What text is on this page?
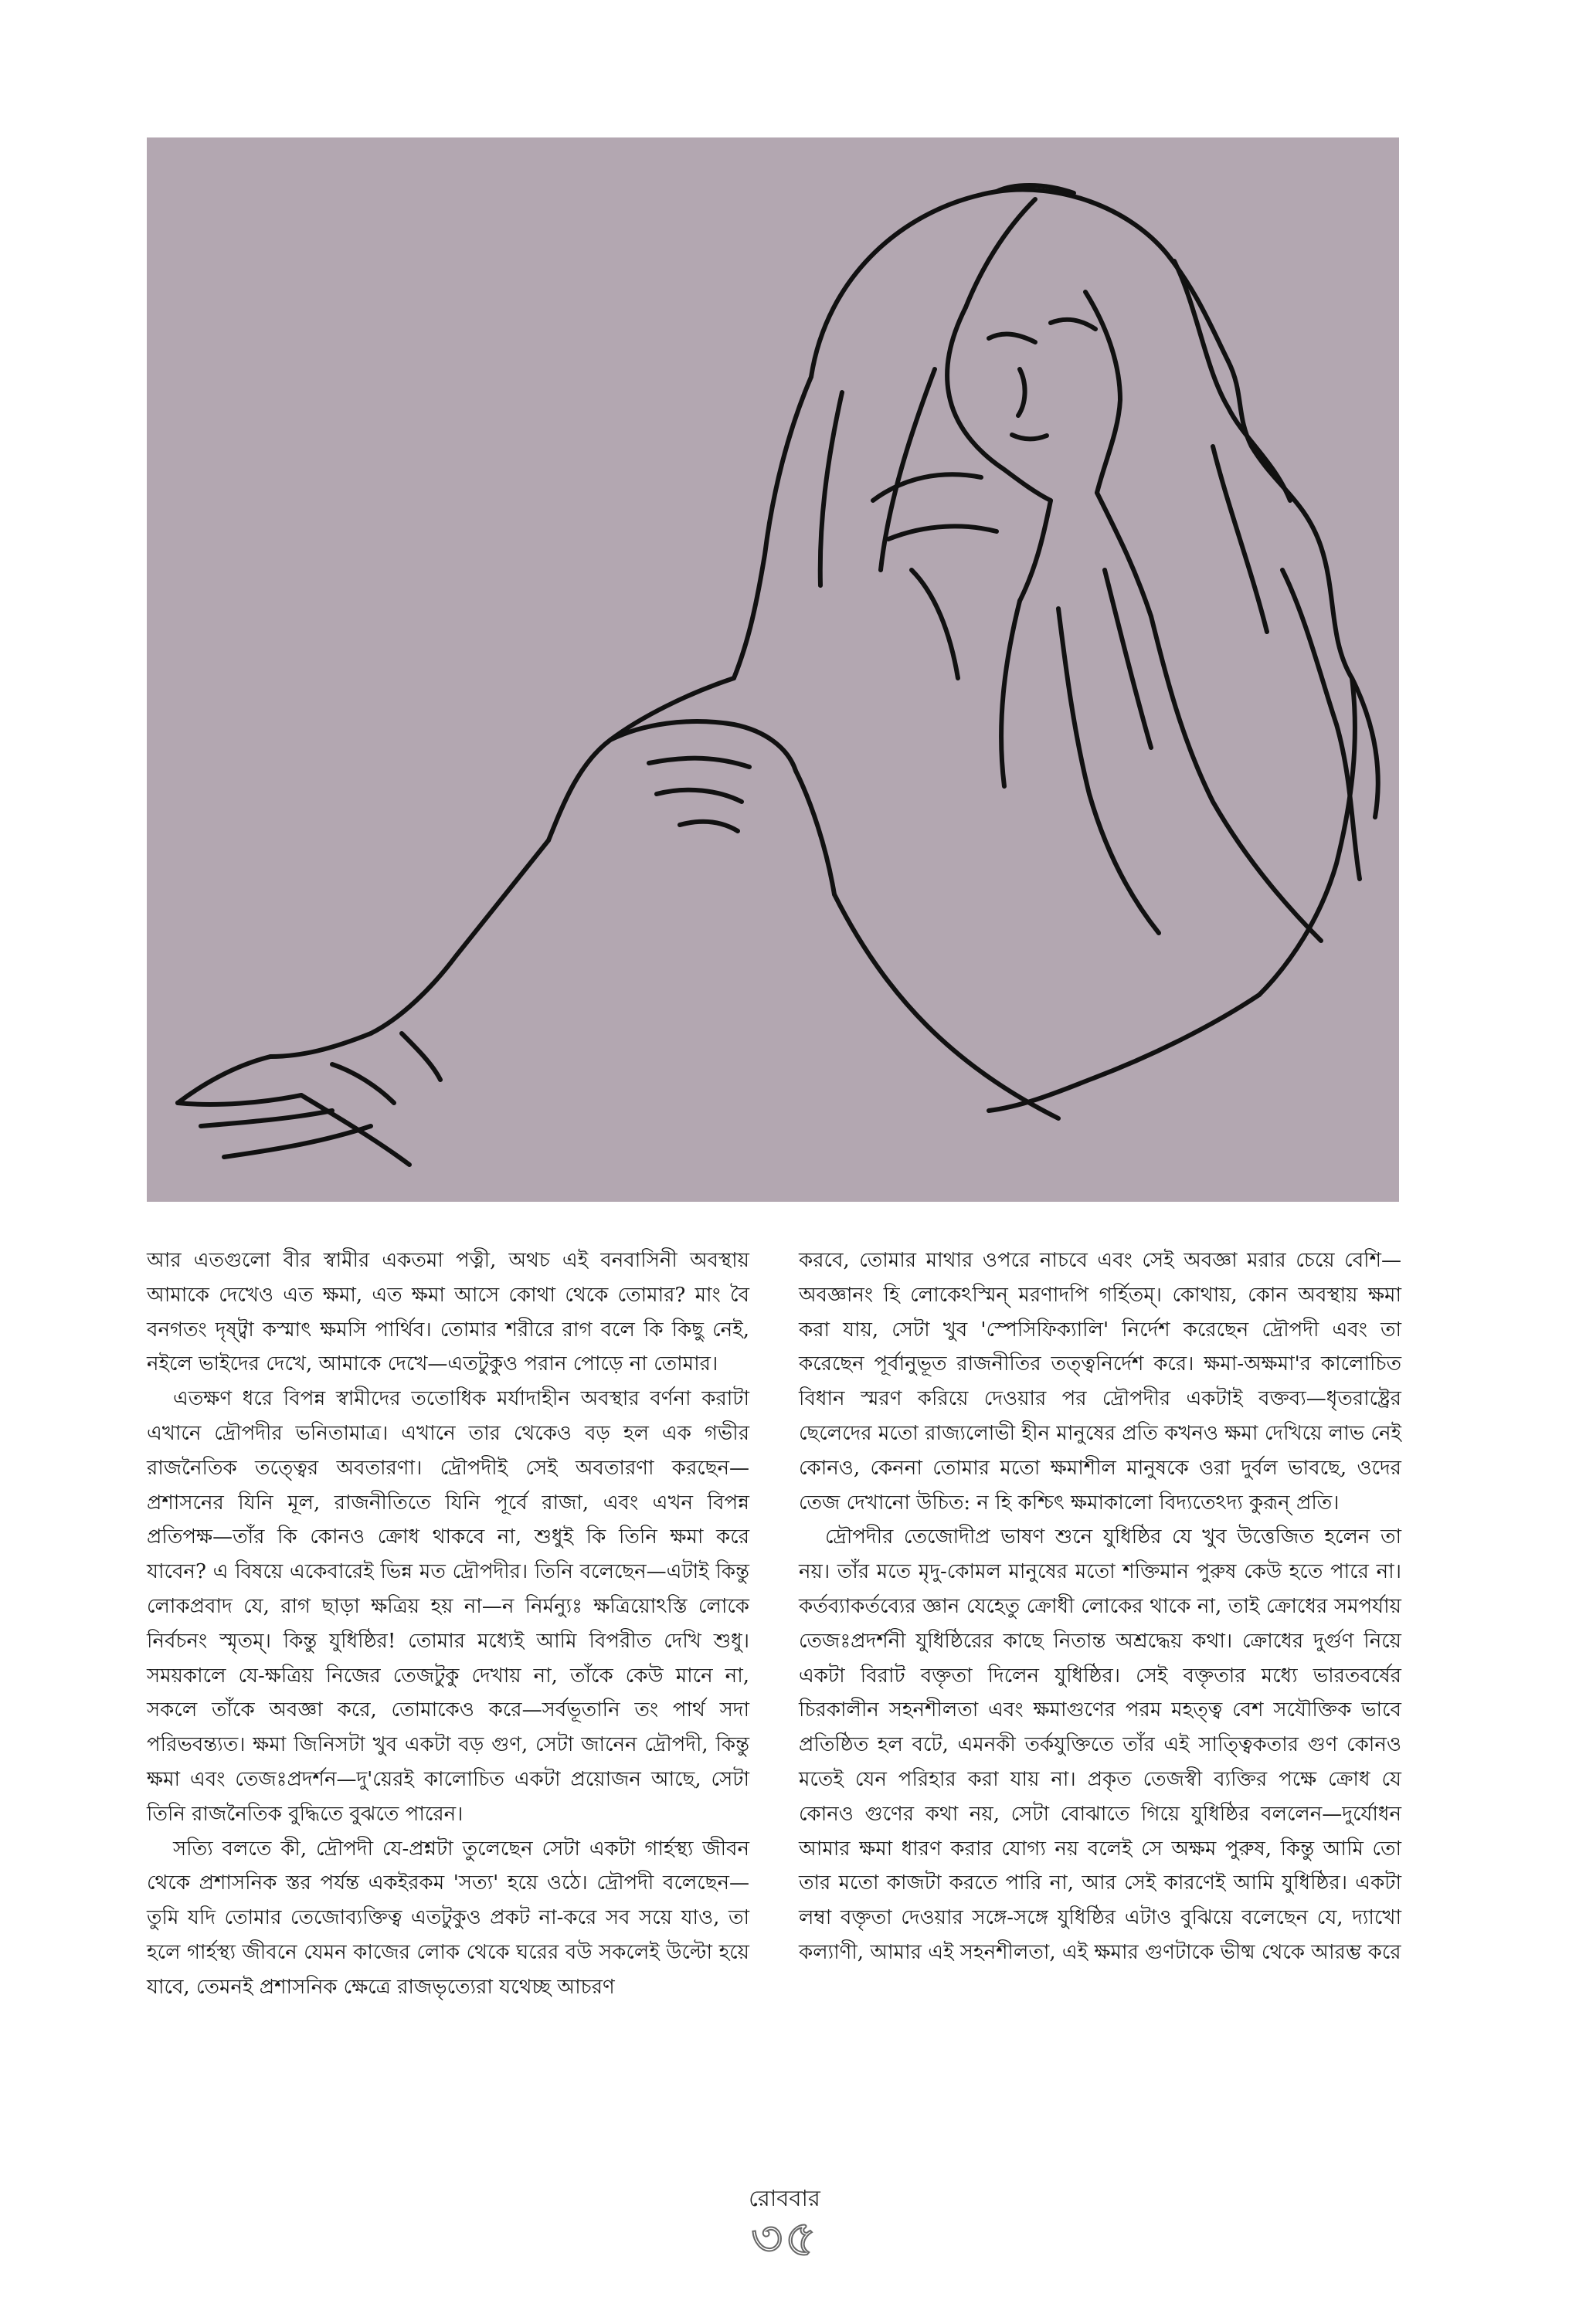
আর এতগুলো বীর স্বামীর একতমা পত্নী, অথচ এই বনবাসিনী অবস্থায় আমাকে দেখেও এত ক্ষমা, এত ক্ষমা আসে কোথা থেকে তোমার? মাং বৈ বনগতং দৃষ্ট্বা কস্মাৎ ক্ষমসি পার্থিব। তোমার শরীরে রাগ বলে কি কিছু নেই, নইলে ভাইদের দেখে, আমাকে দেখে—এতটুকুও পরান পোড়ে না তোমার।

এতক্ষণ ধরে বিপন্ন স্বামীদের ততোধিক মর্যাদাহীন অবস্থার বর্ণনা করাটা এখানে দ্রৌপদীর ভনিতামাত্র। এখানে তার থেকেও বড় হল এক গভীর রাজনৈতিক তত্ত্বের অবতারণা। দ্রৌপদীই সেই অবতারণা করছেন—প্রশাসনের যিনি মূল, রাজনীতিতে যিনি পূর্বে রাজা, এবং এখন বিপন্ন প্রতিপক্ষ—তাঁর কি কোনও ক্রোধ থাকবে না, শুধুই কি তিনি ক্ষমা করে যাবেন? এ বিষয়ে একেবারেই ভিন্ন মত দ্রৌপদীর। তিনি বলেছেন—এটাই কিন্তু লোকপ্রবাদ যে, রাগ ছাড়া ক্ষত্রিয় হয় না—ন নির্মন্যুঃ ক্ষত্রিয়োঽস্তি লোকে নির্বচনং স্মৃতম্। কিন্তু যুধিষ্ঠির! তোমার মধ্যেই আমি বিপরীত দেখি শুধু। সময়কালে যে-ক্ষত্রিয় নিজের তেজটুকু দেখায় না, তাঁকে কেউ মানে না, সকলে তাঁকে অবজ্ঞা করে, তোমাকেও করে—সর্বভূতানি তং পার্থ সদা পরিভবন্ত্যত। ক্ষমা জিনিসটা খুব একটা বড় গুণ, সেটা জানেন দ্রৌপদী, কিন্তু ক্ষমা এবং তেজঃপ্রদর্শন—দু'য়েরই কালোচিত একটা প্রয়োজন আছে, সেটা তিনি রাজনৈতিক বুদ্ধিতে বুঝতে পারেন।

সত্যি বলতে কী, দ্রৌপদী যে-প্রশ্নটা তুলেছেন সেটা একটা গার্হস্থ্য জীবন থেকে প্রশাসনিক স্তর পর্যন্ত একইরকম 'সত্য' হয়ে ওঠে। দ্রৌপদী বলেছেন—তুমি যদি তোমার তেজোব্যক্তিত্ব এতটুকুও প্রকট না-করে সব সয়ে যাও, তা হলে গার্হস্থ্য জীবনে যেমন কাজের লোক থেকে ঘরের বউ সকলেই উল্টো হয়ে যাবে, তেমনই প্রশাসনিক ক্ষেত্রে রাজভৃত্যেরা যথেচ্ছ আচরণ

করবে, তোমার মাথার ওপরে নাচবে এবং সেই অবজ্ঞা মরার চেয়ে বেশি—অবজ্ঞানং হি লোকেঽস্মিন্ মরণাদপি গর্হিতম্। কোথায়, কোন অবস্থায় ক্ষমা করা যায়, সেটা খুব 'স্পেসিফিক্যালি' নির্দেশ করেছেন দ্রৌপদী এবং তা করেছেন পূর্বানুভূত রাজনীতির তত্ত্বনির্দেশ করে। ক্ষমা-অক্ষমা'র কালোচিত বিধান স্মরণ করিয়ে দেওয়ার পর দ্রৌপদীর একটাই বক্তব্য—ধৃতরাষ্ট্রের ছেলেদের মতো রাজ্যলোভী হীন মানুষের প্রতি কখনও ক্ষমা দেখিয়ে লাভ নেই কোনও, কেননা তোমার মতো ক্ষমাশীল মানুষকে ওরা দুর্বল ভাবছে, ওদের তেজ দেখানো উচিত: ন হি কশ্চিৎ ক্ষমাকালো বিদ্যতেঽদ্য কুরূন্ প্রতি।

দ্রৌপদীর তেজোদীপ্র ভাষণ শুনে যুধিষ্ঠির যে খুব উত্তেজিত হলেন তা নয়। তাঁর মতে মৃদু-কোমল মানুষের মতো শক্তিমান পুরুষ কেউ হতে পারে না। কর্তব্যাকর্তব্যের জ্ঞান যেহেতু ক্রোধী লোকের থাকে না, তাই ক্রোধের সমপর্যায় তেজঃপ্রদর্শনী যুধিষ্ঠিরের কাছে নিতান্ত অশ্রদ্ধেয় কথা। ক্রোধের দুর্গুণ নিয়ে একটা বিরাট বক্তৃতা দিলেন যুধিষ্ঠির। সেই বক্তৃতার মধ্যে ভারতবর্ষের চিরকালীন সহনশীলতা এবং ক্ষমাগুণের পরম মহত্ত্ব বেশ সযৌক্তিক ভাবে প্রতিষ্ঠিত হল বটে, এমনকী তর্কযুক্তিতে তাঁর এই সাত্ত্বিকতার গুণ কোনও মতেই যেন পরিহার করা যায় না। প্রকৃত তেজস্বী ব্যক্তির পক্ষে ক্রোধ যে কোনও গুণের কথা নয়, সেটা বোঝাতে গিয়ে যুধিষ্ঠির বললেন—দুর্যোধন আমার ক্ষমা ধারণ করার যোগ্য নয় বলেই সে অক্ষম পুরুষ, কিন্তু আমি তো তার মতো কাজটা করতে পারি না, আর সেই কারণেই আমি যুধিষ্ঠির। একটা লম্বা বক্তৃতা দেওয়ার সঙ্গে-সঙ্গে যুধিষ্ঠির এটাও বুঝিয়ে বলেছেন যে, দ্যাখো কল্যাণী, আমার এই সহনশীলতা, এই ক্ষমার গুণটাকে ভীষ্ম থেকে আরম্ভ করে

রোববার
৩৫
